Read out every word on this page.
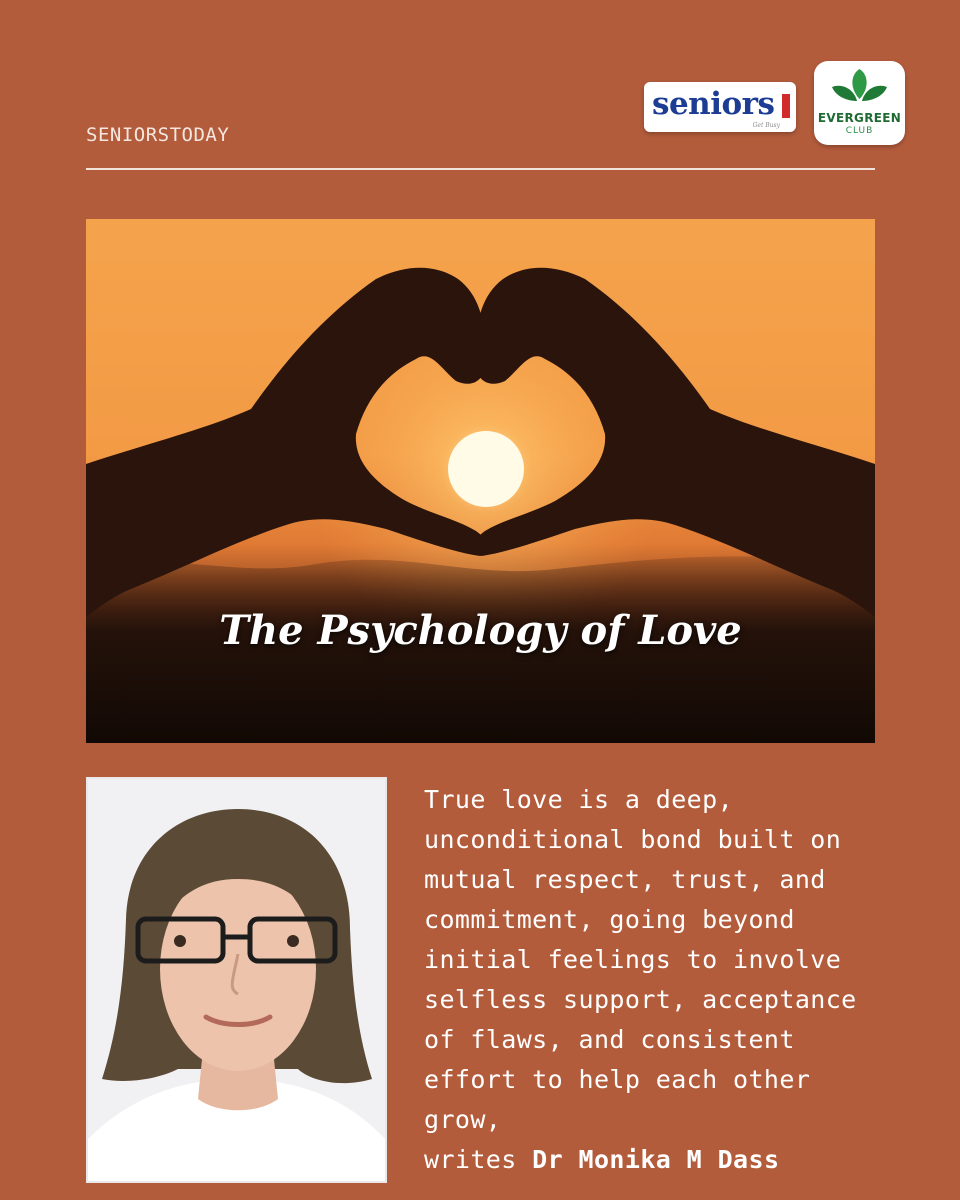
SENIORSTODAY
seniors
Get Busy
EVERGREEN
CLUB
The Psychology of Love
True love is a deep,
unconditional bond built on
mutual respect, trust, and
commitment, going beyond
initial feelings to involve
selfless support, acceptance
of flaws, and consistent
effort to help each other
grow,
writes Dr Monika M Dass
